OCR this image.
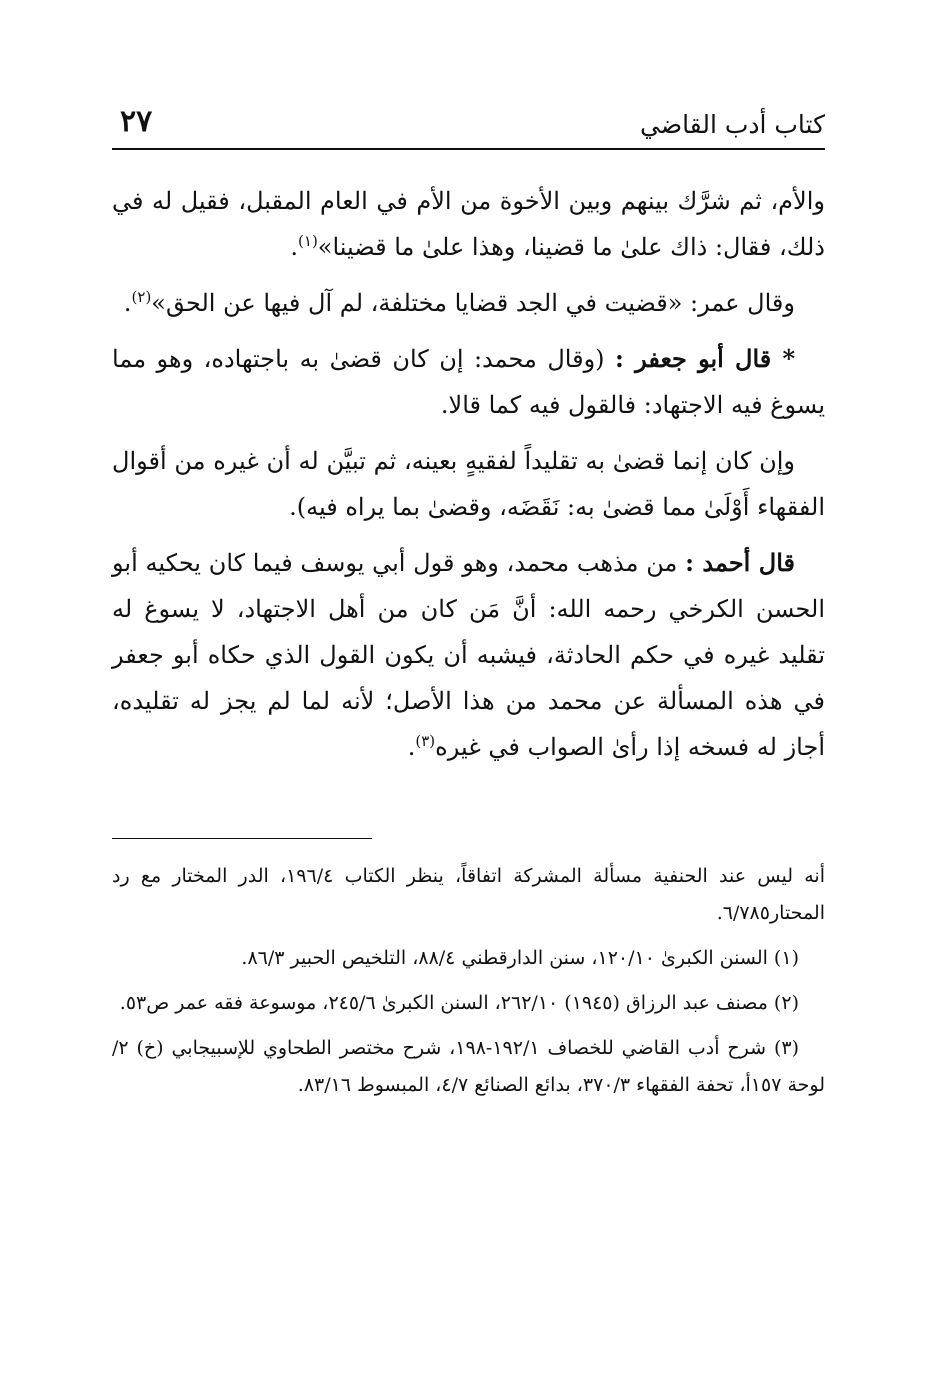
كتاب أدب القاضي
٢٧

والأم، ثم شرَّك بينهم وبين الأخوة من الأم في العام المقبل، فقيل له في ذلك، فقال: ذاك علىٰ ما قضينا، وهذا علىٰ ما قضينا»$^{(١)}$.

وقال عمر: «قضيت في الجد قضايا مختلفة، لم آل فيها عن الحق»$^{(٢)}$.

* قال أبو جعفر : (وقال محمد: إن كان قضىٰ به باجتهاده، وهو مما يسوغ فيه الاجتهاد: فالقول فيه كما قالا.

وإن كان إنما قضىٰ به تقليداً لفقيهٍ بعينه، ثم تبيَّن له أن غيره من أقوال الفقهاء أَوْلَىٰ مما قضىٰ به: نَقَضَه، وقضىٰ بما يراه فيه).

قال أحمد : من مذهب محمد، وهو قول أبي يوسف فيما كان يحكيه أبو الحسن الكرخي رحمه الله: أنَّ مَن كان من أهل الاجتهاد، لا يسوغ له تقليد غيره في حكم الحادثة، فيشبه أن يكون القول الذي حكاه أبو جعفر في هذه المسألة عن محمد من هذا الأصل؛ لأنه لما لم يجز له تقليده، أجاز له فسخه إذا رأىٰ الصواب في غيره$^{(٣)}$.

أنه ليس عند الحنفية مسألة المشركة اتفاقاً، ينظر الكتاب ١٩٦/٤، الدر المختار مع رد المحتار٦/٧٨٥.

(١) السنن الكبرىٰ ١٢٠/١٠، سنن الدارقطني ٨٨/٤، التلخيص الحبير ٨٦/٣.

(٢) مصنف عبد الرزاق (١٩٤٥) ٢٦٢/١٠، السنن الكبرىٰ ٢٤٥/٦، موسوعة فقه عمر ص٥٣.

(٣) شرح أدب القاضي للخصاف ١٩٢/١-١٩٨، شرح مختصر الطحاوي للإسبيجابي (خ) ٢/لوحة ١٥٧أ، تحفة الفقهاء ٣٧٠/٣، بدائع الصنائع ٤/٧، المبسوط ٨٣/١٦.
